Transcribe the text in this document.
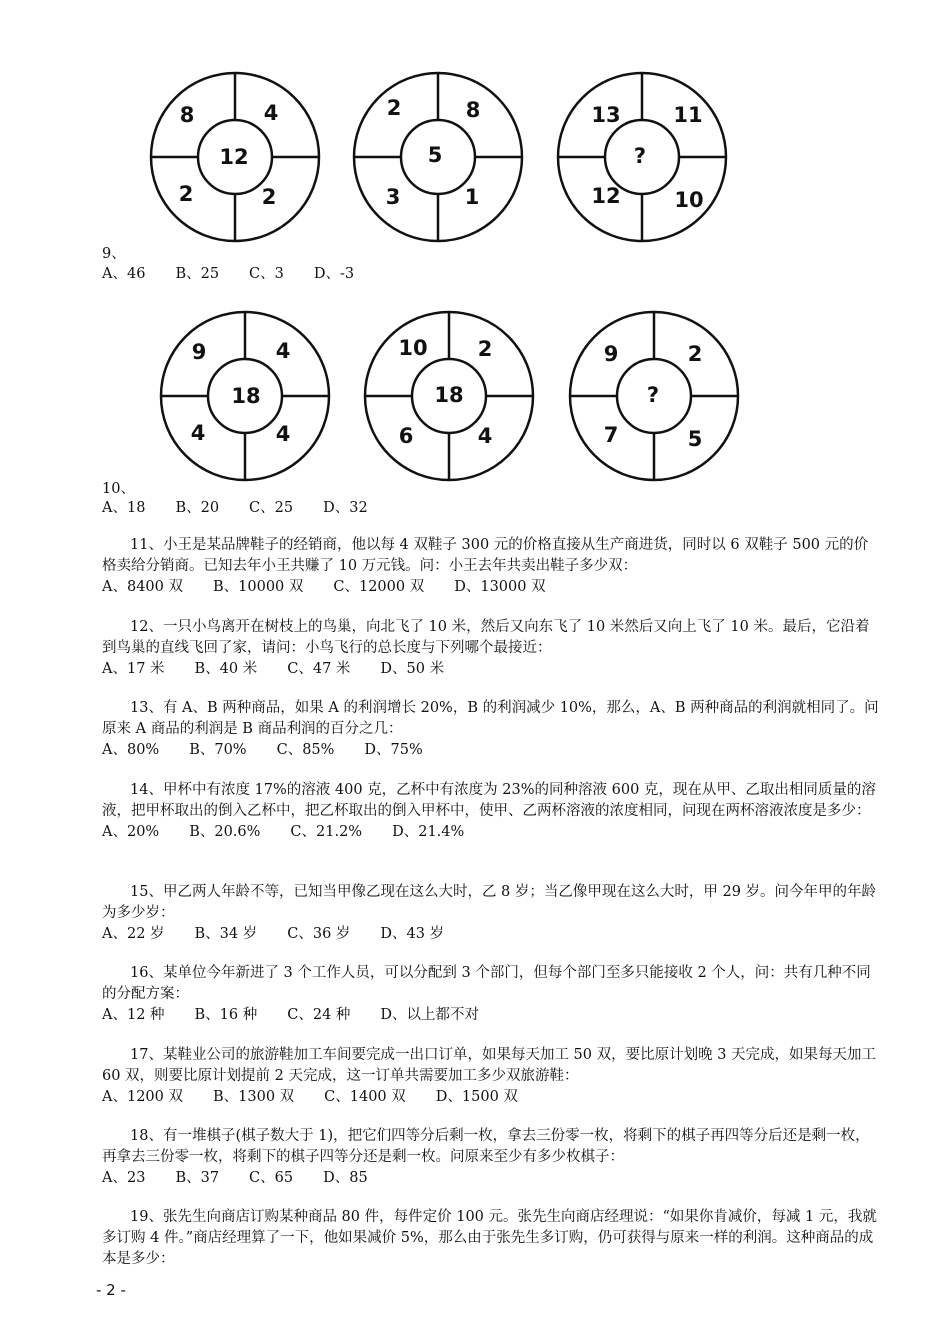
8	4
2	2
12
2	8
3	1
5
13	11
12	10
?
9、
A、46 B、25 C、3 D、-3
9	4
4	4
18
10 2
6	4
18
9	2
7	5
?
10、
A、18 B、20 C、25 D、32

11、小王是某品牌鞋子的经销商，他以每 4 双鞋子 300 元的价格直接从生产商进货，同时以 6 双鞋子 500 元的价格卖给分销商。已知去年小王共赚了 10 万元钱。问：小王去年共卖出鞋子多少双：

A、8400 双 B、10000 双 C、12000 双 D、13000 双

12、一只小鸟离开在树枝上的鸟巢，向北飞了 10 米，然后又向东飞了 10 米然后又向上飞了 10 米。最后，它沿着到鸟巢的直线飞回了家，请问：小鸟飞行的总长度与下列哪个最接近：

A、17 米 B、40 米 C、47 米 D、50 米

13、有 A、B 两种商品，如果 A 的利润增长 20%，B 的利润减少 10%，那么，A、B 两种商品的利润就相同了。问原来 A 商品的利润是 B 商品利润的百分之几：

A、80% B、70% C、85% D、75%

14、甲杯中有浓度 17%的溶液 400 克，乙杯中有浓度为 23%的同种溶液 600 克，现在从甲、乙取出相同质量的溶液，把甲杯取出的倒入乙杯中，把乙杯取出的倒入甲杯中，使甲、乙两杯溶液的浓度相同，问现在两杯溶液浓度是多少：

A、20% B、20.6% C、21.2% D、21.4%

15、甲乙两人年龄不等，已知当甲像乙现在这么大时，乙 8 岁；当乙像甲现在这么大时，甲 29 岁。问今年甲的年龄为多少岁：

A、22 岁 B、34 岁 C、36 岁 D、43 岁

16、某单位今年新进了 3 个工作人员，可以分配到 3 个部门，但每个部门至多只能接收 2 个人，问：共有几种不同的分配方案：

A、12 种 B、16 种 C、24 种 D、以上都不对

17、某鞋业公司的旅游鞋加工车间要完成一出口订单，如果每天加工 50 双，要比原计划晚 3 天完成，如果每天加工 60 双，则要比原计划提前 2 天完成，这一订单共需要加工多少双旅游鞋：

A、1200 双 B、1300 双 C、1400 双 D、1500 双

18、有一堆棋子(棋子数大于 1)，把它们四等分后剩一枚，拿去三份零一枚，将剩下的棋子再四等分后还是剩一枚，再拿去三份零一枚，将剩下的棋子四等分还是剩一枚。问原来至少有多少枚棋子：

A、23 B、37 C、65 D、85

19、张先生向商店订购某种商品 80 件，每件定价 100 元。张先生向商店经理说：“如果你肯减价，每减 1 元，我就多订购 4 件。”商店经理算了一下，他如果减价 5%，那么由于张先生多订购，仍可获得与原来一样的利润。这种商品的成本是多少：

- 2 -
